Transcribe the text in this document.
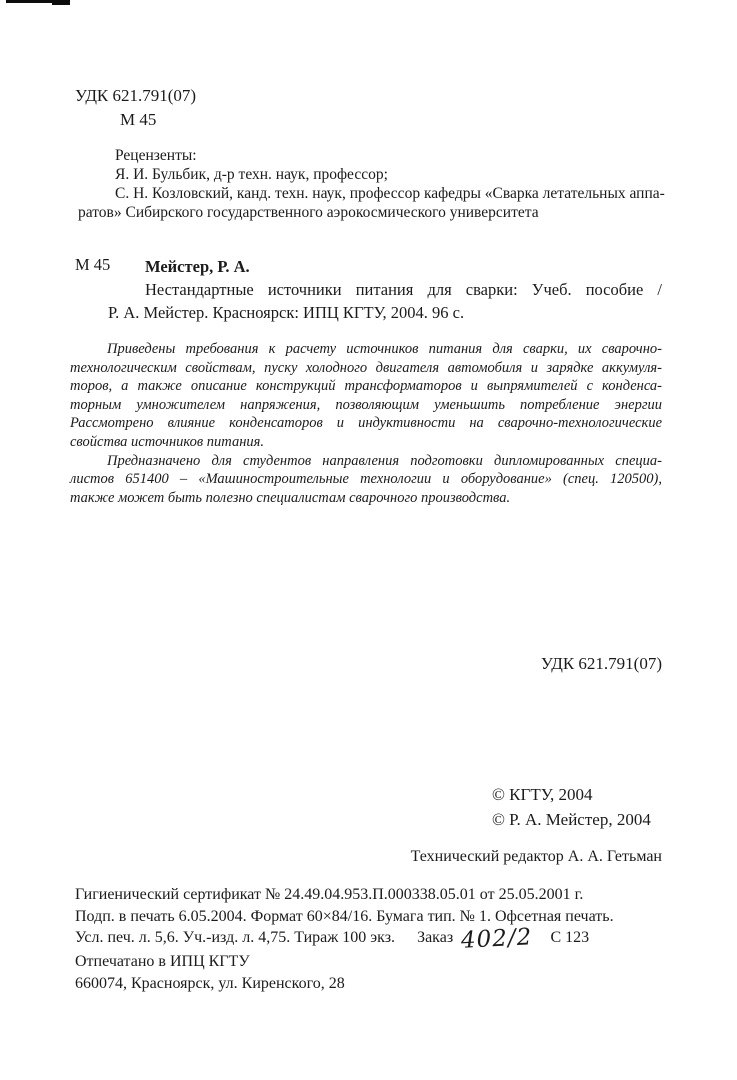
УДК 621.791(07)
М 45
Рецензенты:
Я. И. Бульбик, д-р техн. наук, профессор;
С. Н. Козловский, канд. техн. наук, профессор кафедры «Сварка летательных аппа-
ратов» Сибирского государственного аэрокосмического университета
М 45	Мейстер, Р. А.
Нестандартные источники питания для сварки: Учеб. пособие /
Р. А. Мейстер. Красноярск: ИПЦ КГТУ, 2004. 96 с.
Приведены требования к расчету источников питания для сварки, их сварочно-
технологическим свойствам, пуску холодного двигателя автомобиля и зарядке аккумуля-
торов, а также описание конструкций трансформаторов и выпрямителей с конденса-
торным умножителем напряжения, позволяющим уменьшить потребление энергии
Рассмотрено влияние конденсаторов и индуктивности на сварочно-технологические
свойства источников питания.
Предназначено для студентов направления подготовки дипломированных специа-
листов 651400 – «Машиностроительные технологии и оборудование» (спец. 120500),
также может быть полезно специалистам сварочного производства.
УДК 621.791(07)
© КГТУ, 2004
© Р. А. Мейстер, 2004
Технический редактор А. А. Гетьман
Гигиенический сертификат № 24.49.04.953.П.000338.05.01 от 25.05.2001 г.
Подп. в печать 6.05.2004. Формат 60×84/16. Бумага тип. № 1. Офсетная печать.
Усл. печ. л. 5,6. Уч.-изд. л. 4,75. Тираж 100 экз. Заказ 402/2 С 123
Отпечатано в ИПЦ КГТУ
660074, Красноярск, ул. Киренского, 28
